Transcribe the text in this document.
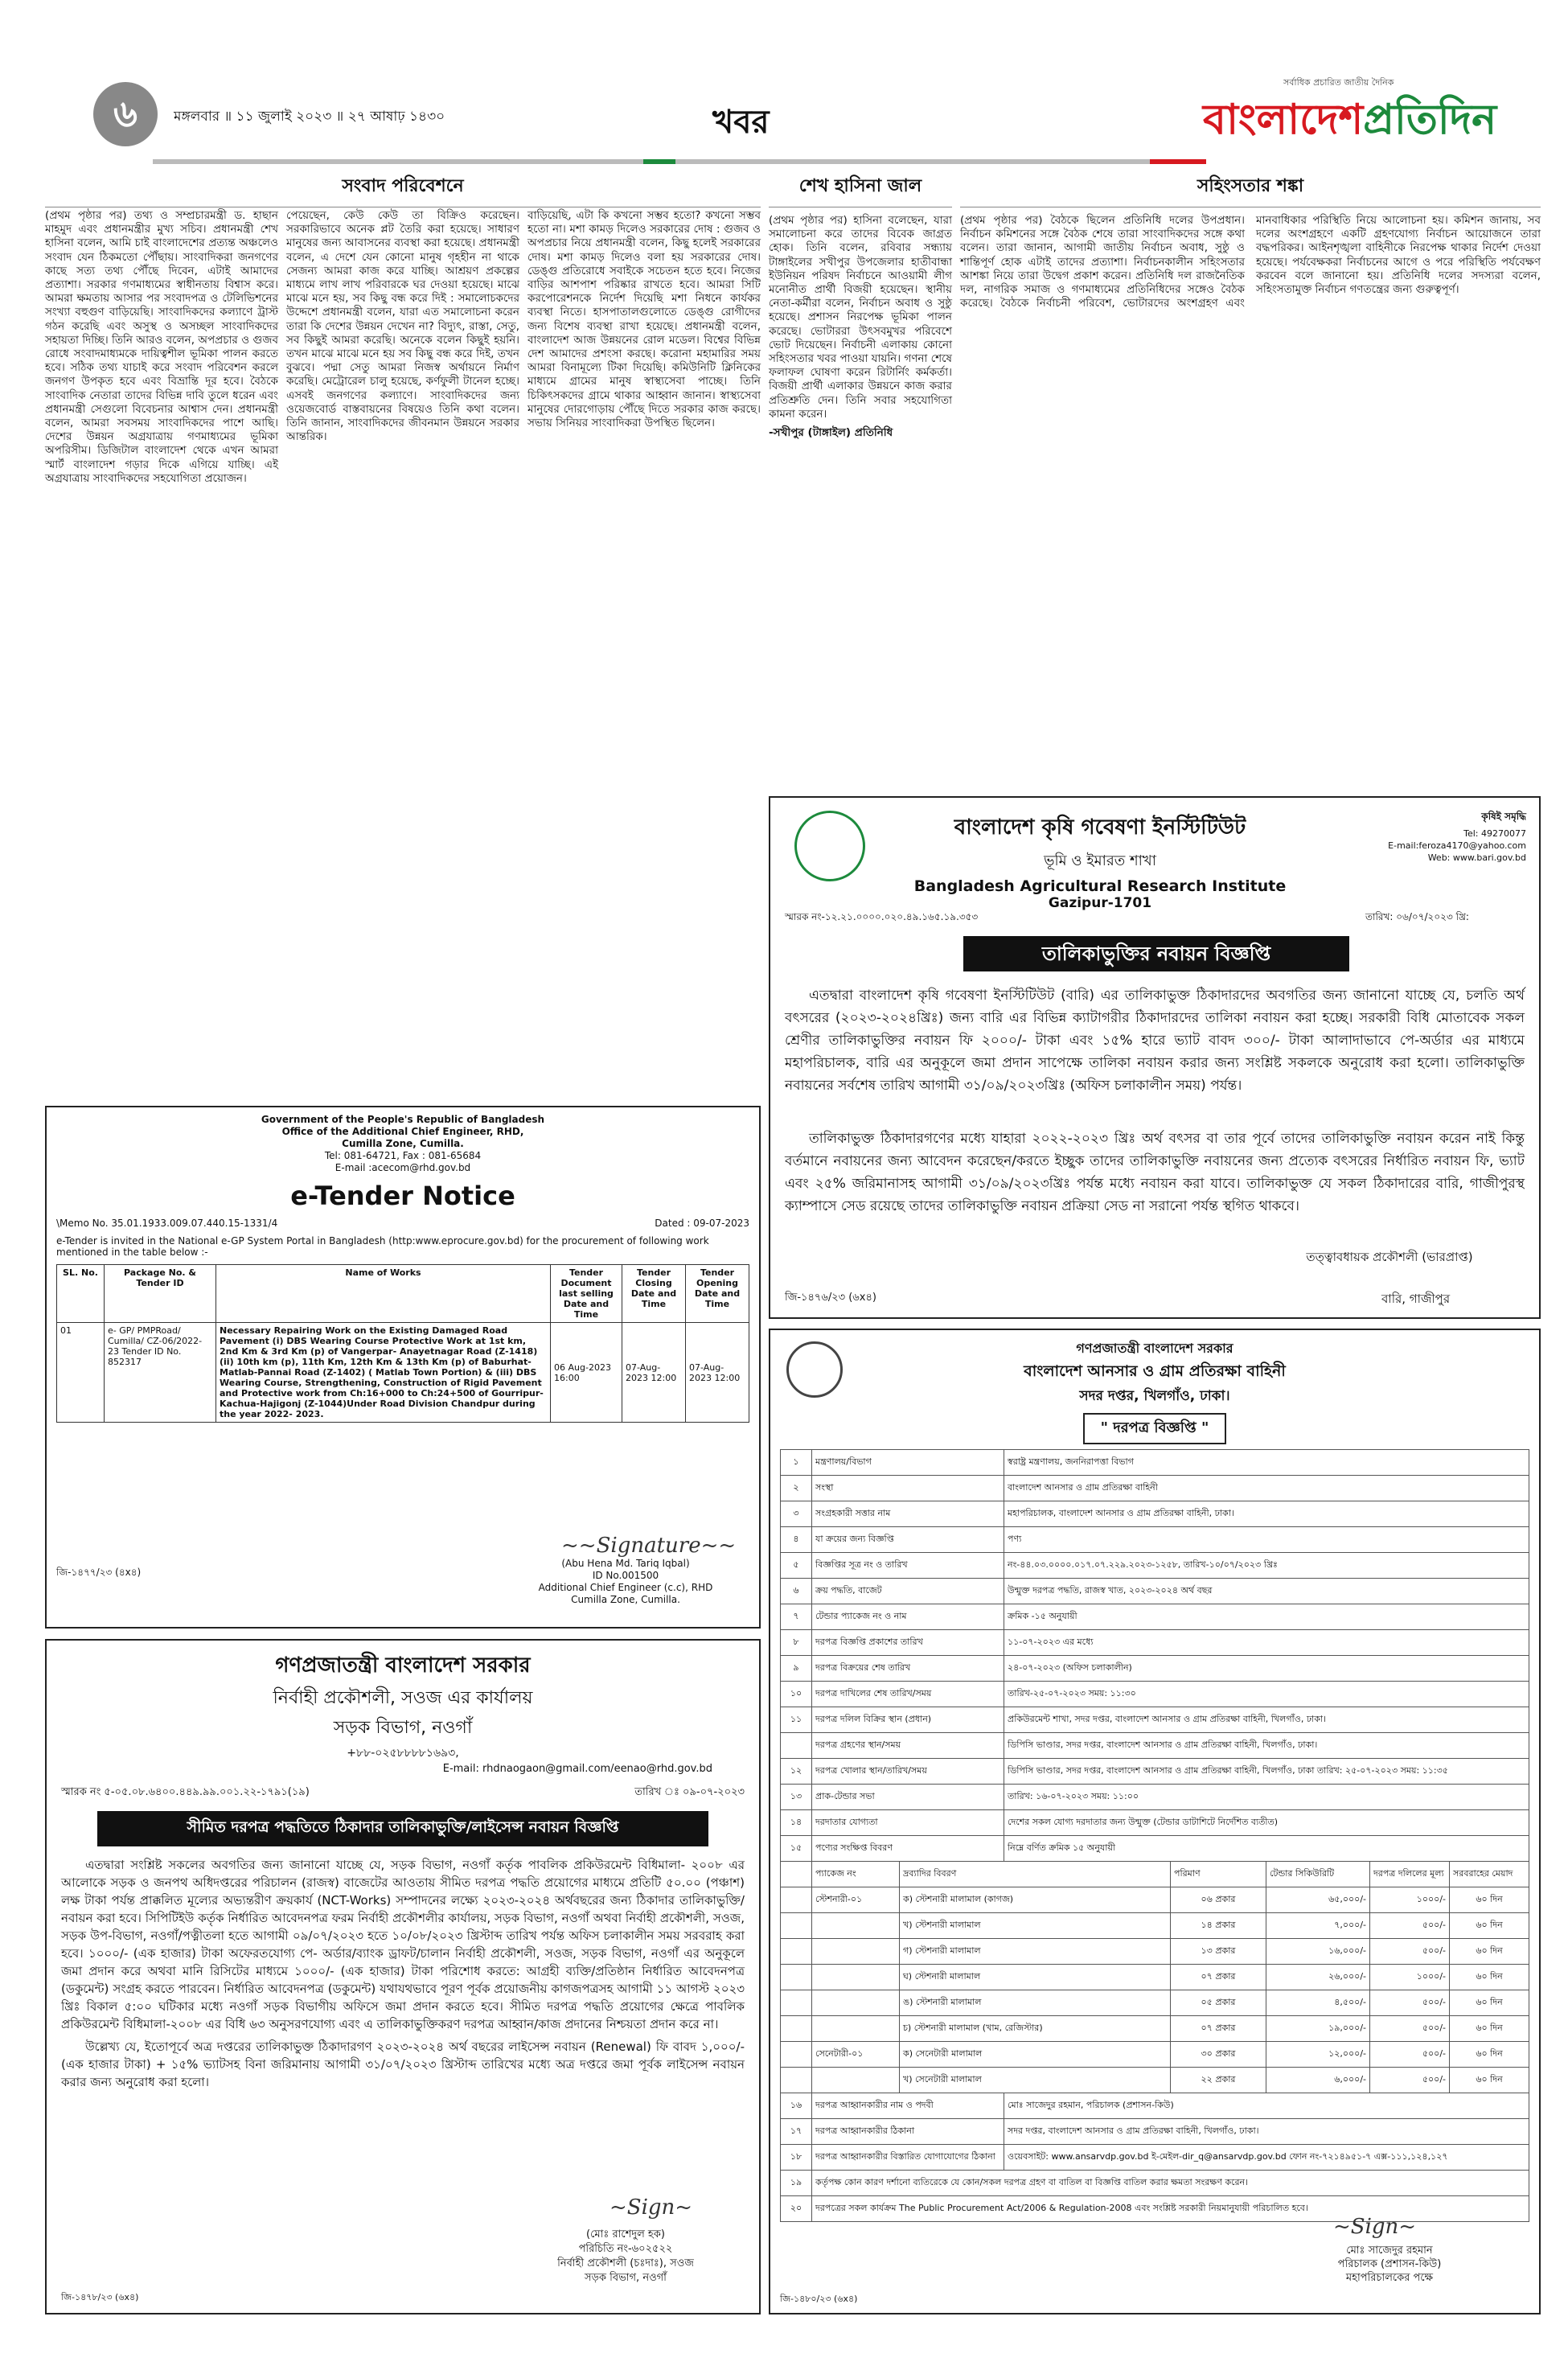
৬	মঙ্গলবার ॥ ১১ জুলাই ২০২৩ ॥ ২৭ আষাঢ় ১৪৩০	খবর
সর্বাধিক প্রচারিত জাতীয় দৈনিক
বাংলাদেশপ্রতিদিন
সংবাদ পরিবেশনে

(প্রথম পৃষ্ঠার পর) তথ্য ও সম্প্রচারমন্ত্রী ড. হাছান মাহমুদ এবং প্রধানমন্ত্রীর মুখ্য সচিব। প্রধানমন্ত্রী শেখ হাসিনা বলেন, আমি চাই বাংলাদেশের প্রত্যন্ত অঞ্চলেও সংবাদ যেন ঠিকমতো পৌঁছায়। সাংবাদিকরা জনগণের কাছে সত্য তথ্য পৌঁছে দিবেন, এটাই আমাদের প্রত্যাশা। সরকার গণমাধ্যমের স্বাধীনতায় বিশ্বাস করে। আমরা ক্ষমতায় আসার পর সংবাদপত্র ও টেলিভিশনের সংখ্যা বহুগুণ বাড়িয়েছি। সাংবাদিকদের কল্যাণে ট্রাস্ট গঠন করেছি এবং অসুস্থ ও অসচ্ছল সাংবাদিকদের সহায়তা দিচ্ছি। তিনি আরও বলেন, অপপ্রচার ও গুজব রোধে সংবাদমাধ্যমকে দায়িত্বশীল ভূমিকা পালন করতে হবে। সঠিক তথ্য যাচাই করে সংবাদ পরিবেশন করলে জনগণ উপকৃত হবে এবং বিভ্রান্তি দূর হবে। বৈঠকে সাংবাদিক নেতারা তাদের বিভিন্ন দাবি তুলে ধরেন এবং প্রধানমন্ত্রী সেগুলো বিবেচনার আশ্বাস দেন। প্রধানমন্ত্রী বলেন, আমরা সবসময় সাংবাদিকদের পাশে আছি। দেশের উন্নয়ন অগ্রযাত্রায় গণমাধ্যমের ভূমিকা অপরিসীম। ডিজিটাল বাংলাদেশ থেকে এখন আমরা স্মার্ট বাংলাদেশ গড়ার দিকে এগিয়ে যাচ্ছি। এই অগ্রযাত্রায় সাংবাদিকদের সহযোগিতা প্রয়োজন।

পেয়েছেন, কেউ কেউ তা বিক্রিও করেছেন। সরকারিভাবে অনেক প্লট তৈরি করা হয়েছে। সাধারণ মানুষের জন্য আবাসনের ব্যবস্থা করা হয়েছে। প্রধানমন্ত্রী বলেন, এ দেশে যেন কোনো মানুষ গৃহহীন না থাকে সেজন্য আমরা কাজ করে যাচ্ছি। আশ্রয়ণ প্রকল্পের মাধ্যমে লাখ লাখ পরিবারকে ঘর দেওয়া হয়েছে। মাঝে মাঝে মনে হয়, সব কিছু বন্ধ করে দিই : সমালোচকদের উদ্দেশে প্রধানমন্ত্রী বলেন, যারা এত সমালোচনা করেন তারা কি দেশের উন্নয়ন দেখেন না? বিদ্যুৎ, রাস্তা, সেতু, সব কিছুই আমরা করেছি। অনেকে বলেন কিছুই হয়নি। তখন মাঝে মাঝে মনে হয় সব কিছু বন্ধ করে দিই, তখন বুঝবে। পদ্মা সেতু আমরা নিজস্ব অর্থায়নে নির্মাণ করেছি। মেট্রোরেল চালু হয়েছে, কর্ণফুলী টানেল হচ্ছে। এসবই জনগণের কল্যাণে। সাংবাদিকদের জন্য ওয়েজবোর্ড বাস্তবায়নের বিষয়েও তিনি কথা বলেন। তিনি জানান, সাংবাদিকদের জীবনমান উন্নয়নে সরকার আন্তরিক।

বাড়িয়েছি, এটা কি কখনো সম্ভব হতো? কখনো সম্ভব হতো না। মশা কামড় দিলেও সরকারের দোষ : গুজব ও অপপ্রচার নিয়ে প্রধানমন্ত্রী বলেন, কিছু হলেই সরকারের দোষ। মশা কামড় দিলেও বলা হয় সরকারের দোষ। ডেঙ্গু প্রতিরোধে সবাইকে সচেতন হতে হবে। নিজের বাড়ির আশপাশ পরিষ্কার রাখতে হবে। আমরা সিটি করপোরেশনকে নির্দেশ দিয়েছি মশা নিধনে কার্যকর ব্যবস্থা নিতে। হাসপাতালগুলোতে ডেঙ্গু রোগীদের জন্য বিশেষ ব্যবস্থা রাখা হয়েছে। প্রধানমন্ত্রী বলেন, বাংলাদেশ আজ উন্নয়নের রোল মডেল। বিশ্বের বিভিন্ন দেশ আমাদের প্রশংসা করছে। করোনা মহামারির সময় আমরা বিনামূল্যে টিকা দিয়েছি। কমিউনিটি ক্লিনিকের মাধ্যমে গ্রামের মানুষ স্বাস্থ্যসেবা পাচ্ছে। তিনি চিকিৎসকদের গ্রামে থাকার আহ্বান জানান। স্বাস্থ্যসেবা মানুষের দোরগোড়ায় পৌঁছে দিতে সরকার কাজ করছে। সভায় সিনিয়র সাংবাদিকরা উপস্থিত ছিলেন।

শেখ হাসিনা জাল

(প্রথম পৃষ্ঠার পর) হাসিনা বলেছেন, যারা সমালোচনা করে তাদের বিবেক জাগ্রত হোক। তিনি বলেন, রবিবার সন্ধ্যায় টাঙ্গাইলের সখীপুর উপজেলার হাতীবান্ধা ইউনিয়ন পরিষদ নির্বাচনে আওয়ামী লীগ মনোনীত প্রার্থী বিজয়ী হয়েছেন। স্থানীয় নেতা-কর্মীরা বলেন, নির্বাচন অবাধ ও সুষ্ঠু হয়েছে। প্রশাসন নিরপেক্ষ ভূমিকা পালন করেছে। ভোটাররা উৎসবমুখর পরিবেশে ভোট দিয়েছেন। নির্বাচনী এলাকায় কোনো সহিংসতার খবর পাওয়া যায়নি। গণনা শেষে ফলাফল ঘোষণা করেন রিটার্নিং কর্মকর্তা। বিজয়ী প্রার্থী এলাকার উন্নয়নে কাজ করার প্রতিশ্রুতি দেন। তিনি সবার সহযোগিতা কামনা করেন।

-সখীপুর (টাঙ্গাইল) প্রতিনিধি

সহিংসতার শঙ্কা

(প্রথম পৃষ্ঠার পর) বৈঠকে ছিলেন প্রতিনিধি দলের উপপ্রধান। নির্বাচন কমিশনের সঙ্গে বৈঠক শেষে তারা সাংবাদিকদের সঙ্গে কথা বলেন। তারা জানান, আগামী জাতীয় নির্বাচন অবাধ, সুষ্ঠু ও শান্তিপূর্ণ হোক এটাই তাদের প্রত্যাশা। নির্বাচনকালীন সহিংসতার আশঙ্কা নিয়ে তারা উদ্বেগ প্রকাশ করেন। প্রতিনিধি দল রাজনৈতিক দল, নাগরিক সমাজ ও গণমাধ্যমের প্রতিনিধিদের সঙ্গেও বৈঠক করেছে। বৈঠকে নির্বাচনী পরিবেশ, ভোটারদের অংশগ্রহণ এবং মানবাধিকার পরিস্থিতি নিয়ে আলোচনা হয়। কমিশন জানায়, সব দলের অংশগ্রহণে একটি গ্রহণযোগ্য নির্বাচন আয়োজনে তারা বদ্ধপরিকর। আইনশৃঙ্খলা বাহিনীকে নিরপেক্ষ থাকার নির্দেশ দেওয়া হয়েছে। পর্যবেক্ষকরা নির্বাচনের আগে ও পরে পরিস্থিতি পর্যবেক্ষণ করবেন বলে জানানো হয়। প্রতিনিধি দলের সদস্যরা বলেন, সহিংসতামুক্ত নির্বাচন গণতন্ত্রের জন্য গুরুত্বপূর্ণ।

বাংলাদেশ কৃষি গবেষণা ইনস্টিটিউট
ভূমি ও ইমারত শাখা
Bangladesh Agricultural Research Institute
Gazipur-1701
কৃষিই সমৃদ্ধি
Tel: 49270077
E-mail:feroza4170@yahoo.com
Web: www.bari.gov.bd
স্মারক নং-১২.২১.০০০০.০২০.৪৯.১৬৫.১৯.৩৫৩	তারিখ: ০৬/০৭/২০২৩ খ্রি:
তালিকাভুক্তির নবায়ন বিজ্ঞপ্তি

এতদ্বারা বাংলাদেশ কৃষি গবেষণা ইনস্টিটিউট (বারি) এর তালিকাভুক্ত ঠিকাদারদের অবগতির জন্য জানানো যাচ্ছে যে, চলতি অর্থ বৎসরের (২০২৩-২০২৪খ্রিঃ) জন্য বারি এর বিভিন্ন ক্যাটাগরীর ঠিকাদারদের তালিকা নবায়ন করা হচ্ছে। সরকারী বিধি মোতাবেক সকল শ্রেণীর তালিকাভুক্তির নবায়ন ফি ২০০০/- টাকা এবং ১৫% হারে ভ্যাট বাবদ ৩০০/- টাকা আলাদাভাবে পে-অর্ডার এর মাধ্যমে মহাপরিচালক, বারি এর অনুকূলে জমা প্রদান সাপেক্ষে তালিকা নবায়ন করার জন্য সংশ্লিষ্ট সকলকে অনুরোধ করা হলো। তালিকাভুক্তি নবায়নের সর্বশেষ তারিখ আগামী ৩১/০৯/২০২৩খ্রিঃ (অফিস চলাকালীন সময়) পর্যন্ত।

তালিকাভুক্ত ঠিকাদারগণের মধ্যে যাহারা ২০২২-২০২৩ খ্রিঃ অর্থ বৎসর বা তার পূর্বে তাদের তালিকাভুক্তি নবায়ন করেন নাই কিন্তু বর্তমানে নবায়নের জন্য আবেদন করেছেন/করতে ইচ্ছুক তাদের তালিকাভুক্তি নবায়নের জন্য প্রত্যেক বৎসরের নির্ধারিত নবায়ন ফি, ভ্যাট এবং ২৫% জরিমানাসহ আগামী ৩১/০৯/২০২৩খ্রিঃ পর্যন্ত মধ্যে নবায়ন করা যাবে। তালিকাভুক্ত যে সকল ঠিকাদারের বারি, গাজীপুরস্থ ক্যাম্পাসে সেড রয়েছে তাদের তালিকাভুক্তি নবায়ন প্রক্রিয়া সেড না সরানো পর্যন্ত স্থগিত থাকবে।

তত্ত্বাবধায়ক প্রকৌশলী (ভারপ্রাপ্ত)
জি-১৪৭৬/২৩ (৬x৪)	বারি, গাজীপুর
Government of the People's Republic of Bangladesh
Office of the Additional Chief Engineer, RHD,
Cumilla Zone, Cumilla.
Tel: 081-64721, Fax : 081-65684
E-mail :acecom@rhd.gov.bd
e-Tender Notice
\Memo No. 35.01.1933.009.07.440.15-1331/4	Dated : 09-07-2023

e-Tender is invited in the National e-GP System Portal in Bangladesh (http:www.eprocure.gov.bd) for the procurement of following work mentioned in the table below :-

SL. No.	Package No. & Tender ID	Name of Works	Tender Document last selling Date and Time	Tender Closing Date and Time	Tender Opening Date and Time
01	e- GP/ PMPRoad/ Cumilla/ CZ-06/2022-23 Tender ID No. 852317	Necessary Repairing Work on the Existing Damaged Road Pavement (i) DBS Wearing Course Protective Work at 1st km, 2nd Km & 3rd Km (p) of Vangerpar- Anayetnagar Road (Z-1418) (ii) 10th km (p), 11th Km, 12th Km & 13th Km (p) of Baburhat-Matlab-Pannai Road (Z-1402) ( Matlab Town Portion) & (iii) DBS Wearing Course, Strengthening, Construction of Rigid Pavement and Protective work from Ch:16+000 to Ch:24+500 of Gourripur-Kachua-Hajigonj (Z-1044)Under Road Division Chandpur during the year 2022- 2023.	06 Aug-2023 16:00	07-Aug-2023 12:00	07-Aug-2023 12:00
~~Signature~~
(Abu Hena Md. Tariq Iqbal)
ID No.001500
Additional Chief Engineer (c.c), RHD
Cumilla Zone, Cumilla.
জি-১৪৭৭/২৩ (৪x৪)
গণপ্রজাতন্ত্রী বাংলাদেশ সরকার
নির্বাহী প্রকৌশলী, সওজ এর কার্যালয়
সড়ক বিভাগ, নওগাঁ
+৮৮-০২৫৮৮৮৮১৬৯৩,
E-mail: rhdnaogaon@gmail.com/eenao@rhd.gov.bd
স্মারক নং ৫-০৫.০৮.৬৪০০.৪৪৯.৯৯.০০১.২২-১৭৯১(১৯)	তারিখ ঃ ০৯-০৭-২০২৩
সীমিত দরপত্র পদ্ধতিতে ঠিকাদার তালিকাভুক্তি/লাইসেন্স নবায়ন বিজ্ঞপ্তি

এতদ্বারা সংশ্লিষ্ট সকলের অবগতির জন্য জানানো যাচ্ছে যে, সড়ক বিভাগ, নওগাঁ কর্তৃক পাবলিক প্রকিউরমেন্ট বিধিমালা- ২০০৮ এর আলোকে সড়ক ও জনপথ অধিদপ্তরের পরিচালন (রাজস্ব) বাজেটের আওতায় সীমিত দরপত্র পদ্ধতি প্রয়োগের মাধ্যমে প্রতিটি ৫০.০০ (পঞ্চাশ) লক্ষ টাকা পর্যন্ত প্রাক্কলিত মূল্যের অভ্যন্তরীণ ক্রয়কার্য (NCT-Works) সম্পাদনের লক্ষ্যে ২০২৩-২০২৪ অর্থবছরের জন্য ঠিকাদার তালিকাভুক্তি/নবায়ন করা হবে। সিপিটিইউ কর্তৃক নির্ধারিত আবেদনপত্র ফরম নির্বাহী প্রকৌশলীর কার্যালয়, সড়ক বিভাগ, নওগাঁ অথবা নির্বাহী প্রকৌশলী, সওজ, সড়ক উপ-বিভাগ, নওগাঁ/পত্নীতলা হতে আগামী ০৯/০৭/২০২৩ হতে ১০/০৮/২০২৩ খ্রিস্টাব্দ তারিখ পর্যন্ত অফিস চলাকালীন সময় সরবরাহ করা হবে। ১০০০/- (এক হাজার) টাকা অফেরতযোগ্য পে- অর্ডার/ব্যাংক ড্রাফট/চালান নির্বাহী প্রকৌশলী, সওজ, সড়ক বিভাগ, নওগাঁ এর অনুকূলে জমা প্রদান করে অথবা মানি রিসিটের মাধ্যমে ১০০০/- (এক হাজার) টাকা পরিশোধ করতে: আগ্রহী ব্যক্তি/প্রতিষ্ঠান নির্ধারিত আবেদনপত্র (ডকুমেন্ট) সংগ্রহ করতে পারবেন। নির্ধারিত আবেদনপত্র (ডকুমেন্ট) যথাযথভাবে পূরণ পূর্বক প্রয়োজনীয় কাগজপত্রসহ আগামী ১১ আগস্ট ২০২৩ খ্রিঃ বিকাল ৫:০০ ঘটিকার মধ্যে নওগাঁ সড়ক বিভাগীয় অফিসে জমা প্রদান করতে হবে। সীমিত দরপত্র পদ্ধতি প্রয়োগের ক্ষেত্রে পাবলিক প্রকিউরমেন্ট বিধিমালা-২০০৮ এর বিধি ৬৩ অনুসরণযোগ্য এবং এ তালিকাভুক্তিকরণ দরপত্র আহ্বান/কাজ প্রদানের নিশ্চয়তা প্রদান করে না।

উল্লেখ্য যে, ইতোপূর্বে অত্র দপ্তরের তালিকাভুক্ত ঠিকাদারগণ ২০২৩-২০২৪ অর্থ বছরের লাইসেন্স নবায়ন (Renewal) ফি বাবদ ১,০০০/- (এক হাজার টাকা) + ১৫% ভ্যাটসহ বিনা জরিমানায় আগামী ৩১/০৭/২০২৩ খ্রিস্টাব্দ তারিখের মধ্যে অত্র দপ্তরে জমা পূর্বক লাইসেন্স নবায়ন করার জন্য অনুরোধ করা হলো।

~Sign~
(মোঃ রাশেদুল হক)
পরিচিতি নং-৬০২৫২২
নির্বাহী প্রকৌশলী (চঃদাঃ), সওজ
সড়ক বিভাগ, নওগাঁ
জি-১৪৭৮/২৩ (৬x৪)
গণপ্রজাতন্ত্রী বাংলাদেশ সরকার
বাংলাদেশ আনসার ও গ্রাম প্রতিরক্ষা বাহিনী
সদর দপ্তর, খিলগাঁও, ঢাকা।
" দরপত্র বিজ্ঞপ্তি "
১	মন্ত্রণালয়/বিভাগ	স্বরাষ্ট্র মন্ত্রণালয়, জননিরাপত্তা বিভাগ
২	সংস্থা	বাংলাদেশ আনসার ও গ্রাম প্রতিরক্ষা বাহিনী
৩	সংগ্রহকারী সত্তার নাম	মহাপরিচালক, বাংলাদেশ আনসার ও গ্রাম প্রতিরক্ষা বাহিনী, ঢাকা।
৪	যা ক্রয়ের জন্য বিজ্ঞপ্তি	পণ্য
৫	বিজ্ঞপ্তির সূত্র নং ও তারিখ	নং-৪৪.০৩.০০০০.০১৭.০৭.২২৯.২০২৩-১২৫৮, তারিখ-১০/০৭/২০২৩ খ্রিঃ
৬	ক্রয় পদ্ধতি, বাজেট	উন্মুক্ত দরপত্র পদ্ধতি, রাজস্ব খাত, ২০২৩-২০২৪ অর্থ বছর
৭	টেন্ডার প্যাকেজ নং ও নাম	ক্রমিক -১৫ অনুযায়ী
৮	দরপত্র বিজ্ঞপ্তি প্রকাশের তারিখ	১১-০৭-২০২৩ এর মধ্যে
৯	দরপত্র বিক্রয়ের শেষ তারিখ	২৪-০৭-২০২৩ (অফিস চলাকালীন)
১০	দরপত্র দাখিলের শেষ তারিখ/সময়	তারিখ-২৫-০৭-২০২৩ সময়: ১১:৩০
১১	দরপত্র দলিল বিক্রির স্থান (প্রধান)	প্রকিউরমেন্ট শাখা, সদর দপ্তর, বাংলাদেশ আনসার ও গ্রাম প্রতিরক্ষা বাহিনী, খিলগাঁও, ঢাকা।
	দরপত্র গ্রহণের স্থান/সময়	ডিপিসি ভাণ্ডার, সদর দপ্তর, বাংলাদেশ আনসার ও গ্রাম প্রতিরক্ষা বাহিনী, খিলগাঁও, ঢাকা।
১২	দরপত্র খোলার স্থান/তারিখ/সময়	ডিপিসি ভাণ্ডার, সদর দপ্তর, বাংলাদেশ আনসার ও গ্রাম প্রতিরক্ষা বাহিনী, খিলগাঁও, ঢাকা তারিখ: ২৫-০৭-২০২৩ সময়: ১১:৩৫
১৩	প্রাক-টেন্ডার সভা	তারিখ: ১৬-০৭-২০২৩ সময়: ১১:০০
১৪	দরদাতার যোগ্যতা	দেশের সকল যোগ্য দরদাতার জন্য উন্মুক্ত (টেন্ডার ডাটাশিটে নির্দেশিত ব্যতীত)
১৫	পণ্যের সংক্ষিপ্ত বিবরণ	নিম্নে বর্ণিত ক্রমিক ১৫ অনুযায়ী
	প্যাকেজ নং	দ্রব্যাদির বিবরণ	পরিমাণ	টেন্ডার সিকিউরিটি	দরপত্র দলিলের মূল্য	সরবরাহের মেয়াদ
	স্টেশনারী-০১	ক) স্টেশনারী মালামাল (কাগজ)	০৬ প্রকার	৬৫,০০০/-	১০০০/-	৬০ দিন
		খ) স্টেশনারী মালামাল	১৪ প্রকার	৭,০০০/-	৫০০/-	৬০ দিন
		গ) স্টেশনারী মালামাল	১৩ প্রকার	১৬,০০০/-	৫০০/-	৬০ দিন
		ঘ) স্টেশনারী মালামাল	০৭ প্রকার	২৬,০০০/-	১০০০/-	৬০ দিন
		ঙ) স্টেশনারী মালামাল	০৫ প্রকার	৪,৫০০/-	৫০০/-	৬০ দিন
		চ) স্টেশনারী মালামাল (খাম, রেজিস্টার)	০৭ প্রকার	১৯,০০০/-	৫০০/-	৬০ দিন
	সেনেটারী-০১	ক) সেনেটারী মালামাল	৩০ প্রকার	১২,০০০/-	৫০০/-	৬০ দিন
		খ) সেনেটারী মালামাল	২২ প্রকার	৬,০০০/-	৫০০/-	৬০ দিন
১৬	দরপত্র আহ্বানকারীর নাম ও পদবী	মোঃ সাজেদুর রহমান, পরিচালক (প্রশাসন-কিউ)
১৭	দরপত্র আহ্বানকারীর ঠিকানা	সদর দপ্তর, বাংলাদেশ আনসার ও গ্রাম প্রতিরক্ষা বাহিনী, খিলগাঁও, ঢাকা।
১৮	দরপত্র আহ্বানকারীর বিস্তারিত যোগাযোগের ঠিকানা	ওয়েবসাইট: www.ansarvdp.gov.bd ই-মেইল-dir_q@ansarvdp.gov.bd ফোন নং-৭২১৪৯৫১-৭ এক্স-১১১,১২৪,১২৭
১৯	কর্তৃপক্ষ কোন কারণ দর্শানো ব্যতিরেকে যে কোন/সকল দরপত্র গ্রহণ বা বাতিল বা বিজ্ঞপ্তি বাতিল করার ক্ষমতা সংরক্ষণ করেন।	
২০	দরপত্রের সকল কার্যক্রম The Public Procurement Act/2006 & Regulation-2008 এবং সংশ্লিষ্ট সরকারী নিয়মানুযায়ী পরিচালিত হবে।	
~Sign~
মোঃ সাজেদুর রহমান
পরিচালক (প্রশাসন-কিউ)
মহাপরিচালকের পক্ষে
জি-১৪৮০/২৩ (৬x৪)
